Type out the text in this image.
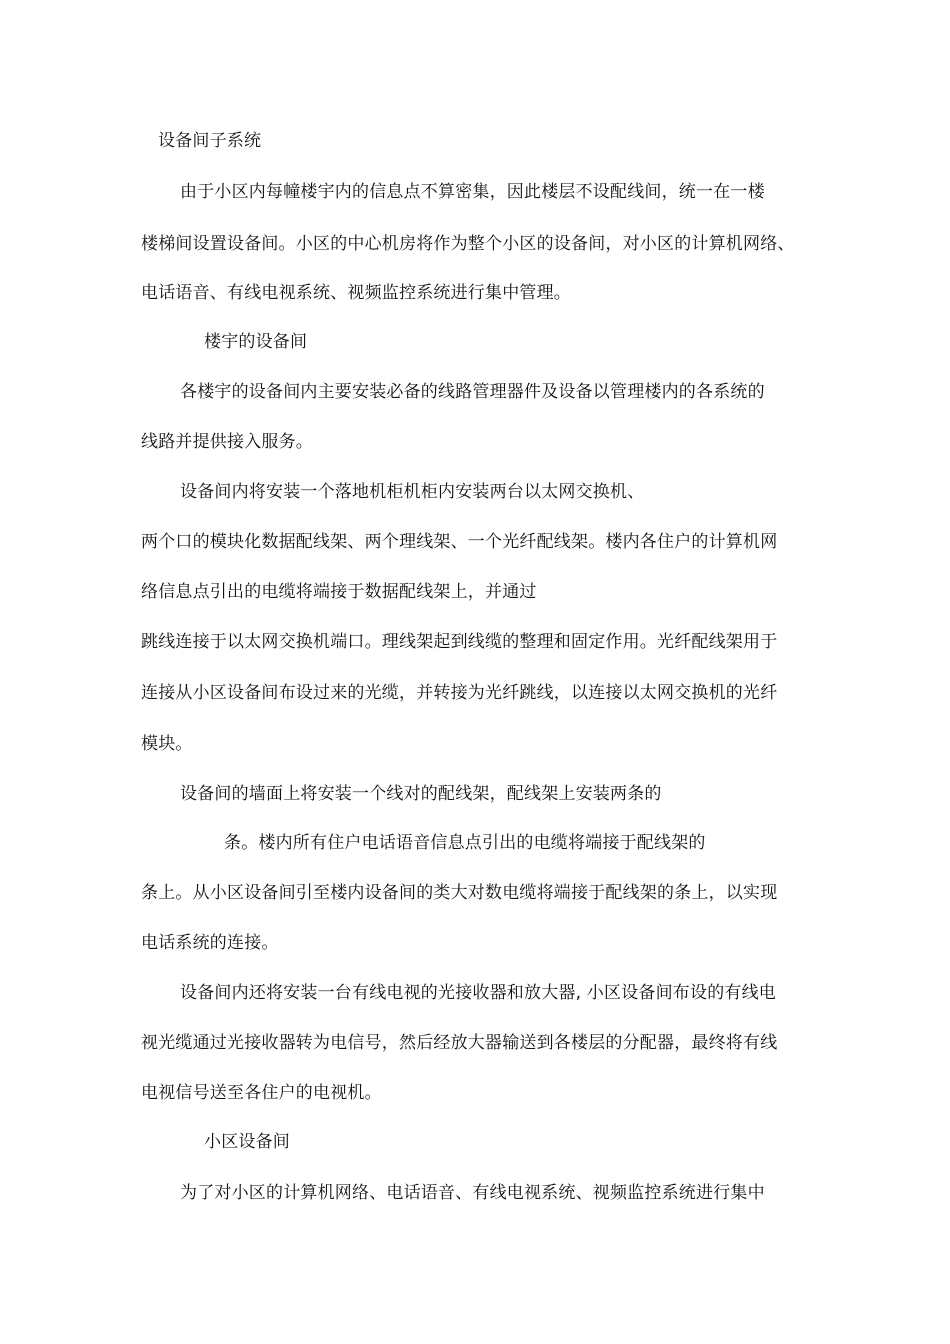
设备间子系统
由于小区内每幢楼宇内的信息点不算密集，因此楼层不设配线间，统一在一楼
楼梯间设置设备间。小区的中心机房将作为整个小区的设备间，对小区的计算机网络、
电话语音、有线电视系统、视频监控系统进行集中管理。
楼宇的设备间
各楼宇的设备间内主要安装必备的线路管理器件及设备以管理楼内的各系统的
线路并提供接入服务。
设备间内将安装一个落地机柜机柜内安装两台以太网交换机、
两个口的模块化数据配线架、两个理线架、一个光纤配线架。楼内各住户的计算机网
络信息点引出的电缆将端接于数据配线架上，并通过
跳线连接于以太网交换机端口。理线架起到线缆的整理和固定作用。光纤配线架用于
连接从小区设备间布设过来的光缆，并转接为光纤跳线，以连接以太网交换机的光纤
模块。
设备间的墙面上将安装一个线对的配线架，配线架上安装两条的
条。楼内所有住户电话语音信息点引出的电缆将端接于配线架的
条上。从小区设备间引至楼内设备间的类大对数电缆将端接于配线架的条上，以实现
电话系统的连接。
设备间内还将安装一台有线电视的光接收器和放大器, 小区设备间布设的有线电
视光缆通过光接收器转为电信号，然后经放大器输送到各楼层的分配器，最终将有线
电视信号送至各住户的电视机。
小区设备间
为了对小区的计算机网络、电话语音、有线电视系统、视频监控系统进行集中
